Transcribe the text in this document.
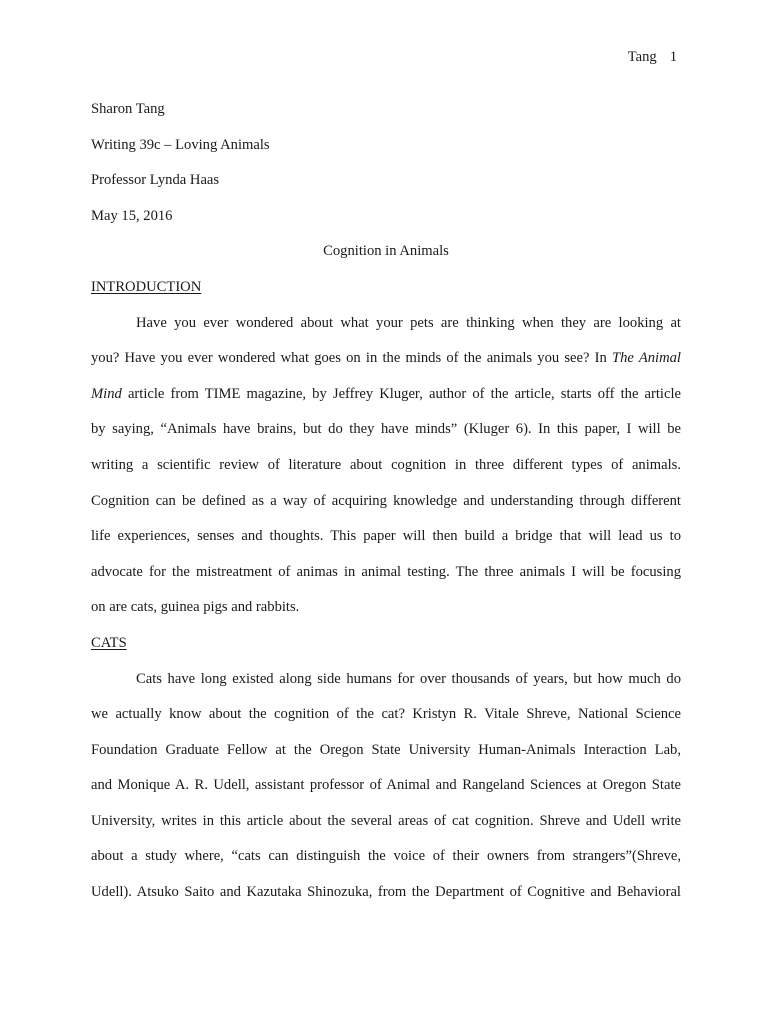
Tang 1
Sharon Tang
Writing 39c – Loving Animals
Professor Lynda Haas
May 15, 2016
Cognition in Animals
INTRODUCTION
Have you ever wondered about what your pets are thinking when they are looking at
you? Have you ever wondered what goes on in the minds of the animals you see? In The Animal
Mind article from TIME magazine, by Jeffrey Kluger, author of the article, starts off the article
by saying, “Animals have brains, but do they have minds” (Kluger 6). In this paper, I will be
writing a scientific review of literature about cognition in three different types of animals.
Cognition can be defined as a way of acquiring knowledge and understanding through different
life experiences, senses and thoughts. This paper will then build a bridge that will lead us to
advocate for the mistreatment of animas in animal testing. The three animals I will be focusing
on are cats, guinea pigs and rabbits.
CATS
Cats have long existed along side humans for over thousands of years, but how much do
we actually know about the cognition of the cat? Kristyn R. Vitale Shreve, National Science
Foundation Graduate Fellow at the Oregon State University Human-Animals Interaction Lab,
and Monique A. R. Udell, assistant professor of Animal and Rangeland Sciences at Oregon State
University, writes in this article about the several areas of cat cognition. Shreve and Udell write
about a study where, “cats can distinguish the voice of their owners from strangers”(Shreve,
Udell). Atsuko Saito and Kazutaka Shinozuka, from the Department of Cognitive and Behavioral
